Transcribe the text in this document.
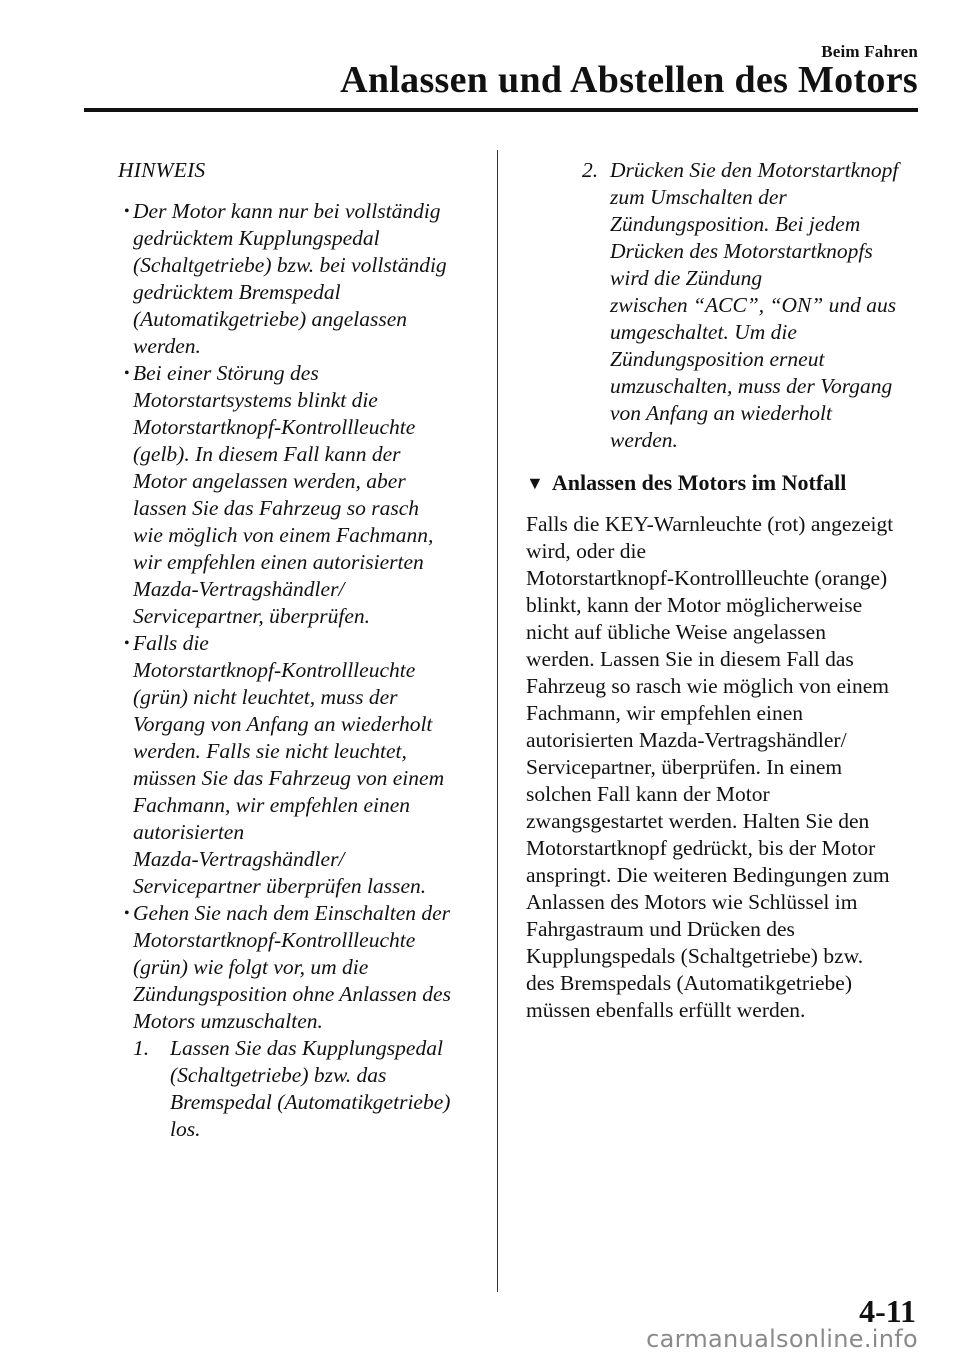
Beim Fahren
Anlassen und Abstellen des Motors
HINWEIS
• Der Motor kann nur bei vollständig
gedrücktem Kupplungspedal
(Schaltgetriebe) bzw. bei vollständig
gedrücktem Bremspedal
(Automatikgetriebe) angelassen
werden.
• Bei einer Störung des
Motorstartsystems blinkt die
Motorstartknopf-Kontrollleuchte
(gelb). In diesem Fall kann der
Motor angelassen werden, aber
lassen Sie das Fahrzeug so rasch
wie möglich von einem Fachmann,
wir empfehlen einen autorisierten
Mazda-Vertragshändler/
Servicepartner, überprüfen.
• Falls die
Motorstartknopf-Kontrollleuchte
(grün) nicht leuchtet, muss der
Vorgang von Anfang an wiederholt
werden. Falls sie nicht leuchtet,
müssen Sie das Fahrzeug von einem
Fachmann, wir empfehlen einen
autorisierten
Mazda-Vertragshändler/
Servicepartner überprüfen lassen.
• Gehen Sie nach dem Einschalten der
Motorstartknopf-Kontrollleuchte
(grün) wie folgt vor, um die
Zündungsposition ohne Anlassen des
Motors umzuschalten.
1. Lassen Sie das Kupplungspedal
(Schaltgetriebe) bzw. das
Bremspedal (Automatikgetriebe)
los.
2. Drücken Sie den Motorstartknopf
zum Umschalten der
Zündungsposition. Bei jedem
Drücken des Motorstartknopfs
wird die Zündung
zwischen “ACC”, “ON” und aus
umgeschaltet. Um die
Zündungsposition erneut
umzuschalten, muss der Vorgang
von Anfang an wiederholt
werden.
▼ Anlassen des Motors im Notfall
Falls die KEY-Warnleuchte (rot) angezeigt
wird, oder die
Motorstartknopf-Kontrollleuchte (orange)
blinkt, kann der Motor möglicherweise
nicht auf übliche Weise angelassen
werden. Lassen Sie in diesem Fall das
Fahrzeug so rasch wie möglich von einem
Fachmann, wir empfehlen einen
autorisierten Mazda-Vertragshändler/
Servicepartner, überprüfen. In einem
solchen Fall kann der Motor
zwangsgestartet werden. Halten Sie den
Motorstartknopf gedrückt, bis der Motor
anspringt. Die weiteren Bedingungen zum
Anlassen des Motors wie Schlüssel im
Fahrgastraum und Drücken des
Kupplungspedals (Schaltgetriebe) bzw.
des Bremspedals (Automatikgetriebe)
müssen ebenfalls erfüllt werden.
4-11
carmanualsonline.info
